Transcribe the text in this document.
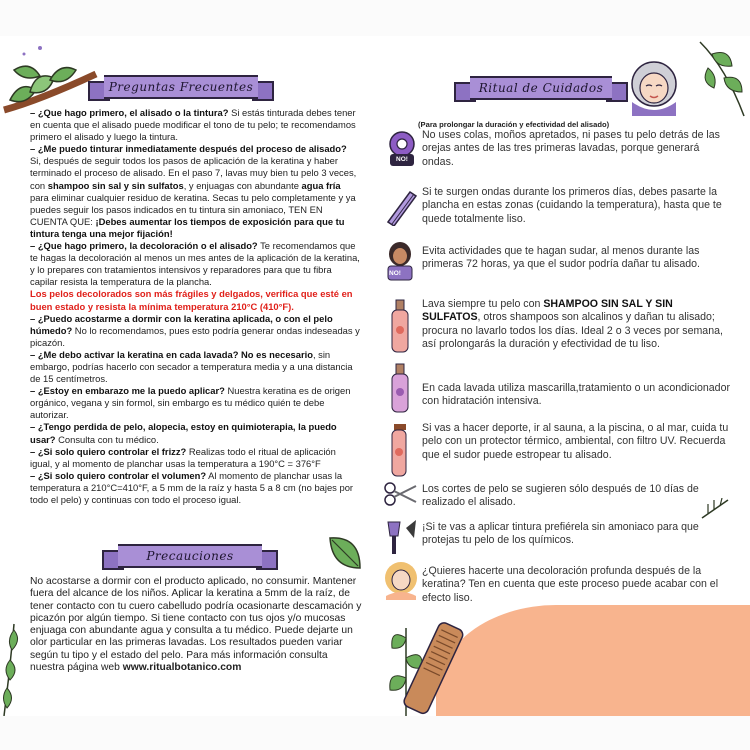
Preguntas Frecuentes

– ¿Que hago primero, el alisado o la tintura? Si estás tinturada debes tener en cuenta que el alisado puede modificar el tono de tu pelo; te recomendamos primero el alisado y luego la tintura.

– ¿Me puedo tinturar inmediatamente después del proceso de alisado? Si, después de seguir todos los pasos de aplicación de la keratina y haber terminado el proceso de alisado. En el paso 7, lavas muy bien tu pelo 3 veces, con shampoo sin sal y sin sulfatos, y enjuagas con abundante agua fría para eliminar cualquier residuo de keratina. Secas tu pelo completamente y ya puedes seguir los pasos indicados en tu tintura sin amoniaco, TEN EN CUENTA QUE: ¡Debes aumentar los tiempos de exposición para que tu tintura tenga una mejor fijación!

– ¿Que hago primero, la decoloración o el alisado? Te recomendamos que te hagas la decoloración al menos un mes antes de la aplicación de la keratina, y lo prepares con tratamientos intensivos y reparadores para que tu fibra capilar resista la temperatura de la plancha.

Los pelos decolorados son más frágiles y delgados, verifica que esté en buen estado y resista la mínima temperatura 210°C (410°F).

– ¿Puedo acostarme a dormir con la keratina aplicada, o con el pelo húmedo? No lo recomendamos, pues esto podría generar ondas indeseadas y picazón.

– ¿Me debo activar la keratina en cada lavada? No es necesario, sin embargo, podrías hacerlo con secador a temperatura media y a una distancia de 15 centímetros.

– ¿Estoy en embarazo me la puedo aplicar? Nuestra keratina es de origen orgánico, vegana y sin formol, sin embargo es tu médico quién te debe autorizar.

– ¿Tengo perdida de pelo, alopecia, estoy en quimioterapia, la puedo usar? Consulta con tu médico.

– ¿Si solo quiero controlar el frizz? Realizas todo el ritual de aplicación igual, y al momento de planchar usas la temperatura a 190°C = 376°F

– ¿Si solo quiero controlar el volumen? Al momento de planchar usas la temperatura a 210°C=410°F, a 5 mm de la raíz y hasta 5 a 8 cm (no bajes por todo el pelo) y continuas con todo el proceso igual.

Precauciones
No acostarse a dormir con el producto aplicado, no consumir. Mantener fuera del alcance de los niños. Aplicar la keratina a 5mm de la raíz, de tener contacto con tu cuero cabelludo podría ocasionarte descamación y picazón por algún tiempo. Si tiene contacto con tus ojos y/o mucosas enjuaga con abundante agua y consulta a tu médico. Puede dejarte un olor particular en las primeras lavadas. Los resultados pueden variar según tu tipo y el estado del pelo. Para más información consulta nuestra página web www.ritualbotanico.com
Ritual de Cuidados
(Para prolongar la duración y efectividad del alisado)
NO!
No uses colas, moños apretados, ni pases tu pelo detrás de las orejas antes de las tres primeras lavadas, porque generará ondas.
Si te surgen ondas durante los primeros días, debes pasarte la plancha en estas zonas (cuidando la temperatura), hasta que te quede totalmente liso.
NO!
Evita actividades que te hagan sudar, al menos durante las primeras 72 horas, ya que el sudor podría dañar tu alisado.
Lava siempre tu pelo con SHAMPOO SIN SAL Y SIN SULFATOS, otros shampoos son alcalinos y dañan tu alisado; procura no lavarlo todos los días. Ideal 2 o 3 veces por semana, así prolongarás la duración y efectividad de tu liso.
En cada lavada utiliza mascarilla,tratamiento o un acondicionador con hidratación intensiva.
Si vas a hacer deporte, ir al sauna, a la piscina, o al mar, cuida tu pelo con un protector térmico, ambiental, con filtro UV. Recuerda que el sudor puede estropear tu alisado.
Los cortes de pelo se sugieren sólo después de 10 días de realizado el alisado.
¡Si te vas a aplicar tintura prefiérela sin amoniaco para que protejas tu pelo de los químicos.
¿Quieres hacerte una decoloración profunda después de la keratina? Ten en cuenta que este proceso puede acabar con el efecto liso.
